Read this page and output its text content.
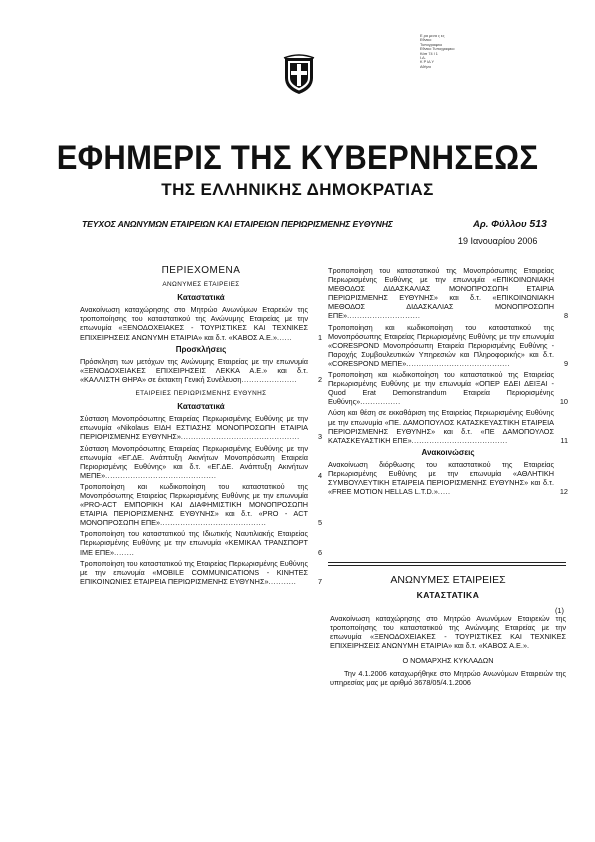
Ε ρα μενα ς ες
Εθνικο
Τυπογραφειο
Εθνικο Τυπογραφειο
Κάπ 74 Ι 1
Ι.Δ.
Κ Ρ ΙΔ Υ
Αθήνα
ΕΦΗΜΕΡΙΣ ΤΗΣ ΚΥΒΕΡΝΗΣΕΩΣ
ΤΗΣ ΕΛΛΗΝΙΚΗΣ ΔΗΜΟΚΡΑΤΙΑΣ
ΤΕΥΧΟΣ ΑΝΩΝΥΜΩΝ ΕΤΑΙΡΕΙΩΝ ΚΑΙ ΕΤΑΙΡΕΙΩΝ ΠΕΡΙΩΡΙΣΜΕΝΗΣ ΕΥΘΥΝΗΣ	Αρ. Φύλλου 513
19 Ιανουαρίου 2006
ΠΕΡΙΕΧΟΜΕΝΑ
ΑΝΩΝΥΜΕΣ ΕΤΑΙΡΕΙΕΣ
Καταστατικά
Ανακοίνωση καταχώρησης στο Μητρώο Ανωνύμων Εταρειών της τροποποίησης του καταστατικού της Ανώνυμης Εταιρείας με την επωνυμία «ΞΕΝΟΔΟΧΕΙΑΚΕΣ - ΤΟΥΡΙΣΤΙΚΕΣ ΚΑΙ ΤΕΧΝΙΚΕΣ ΕΠΙΧΕΙΡΗΣΕΙΣ ΑΝΩΝΥΜΗ ΕΤΑΙΡΙΑ» και δ.τ. «ΚΑΒΟΣ Α.Ε.»......	1
Προσκλήσεις
Πρόσκληση των μετόχων της Ανώνυμης Εταιρείας με την επωνυμία «ΞΕΝΟΔΟΧΕΙΑΚΕΣ ΕΠΙΧΕΙΡΗΣΕΙΣ ΛΕΚΚΑ Α.Ε.» και δ.τ. «ΚΑΛΛΙΣΤΗ ΘΗΡΑ» σε έκτακτη Γενική Συνέλευση......................	2
ΕΤΑΙΡΕΙΕΣ ΠΕΡΙΩΡΙΣΜΕΝΗΣ ΕΥΘΥΝΗΣ
Καταστατικά
Σύσταση Μονοπρόσωπης Εταιρείας Περιωρισμένης Ευθύνης με την επωνυμία «Nikolaus ΕΙΔΗ ΕΣΤΙΑΣΗΣ ΜΟΝΟΠΡΟΣΩΠΗ ΕΤΑΙΡΙΑ ΠΕΡΙΟΡΙΣΜΕΝΗΣ ΕΥΘΥΝΗΣ»...............................................	3
Σύσταση Μονοπρόσωπης Εταιρείας Περιωρισμένης Ευθύνης με την επωνυμία «ΕΓ.ΔΕ. Ανάπτυξη Ακινήτων Μονοπρόσωπη Εταιρεία Περιορισμένης Ευθύνης» και δ.τ. «ΕΓ.ΔΕ. Ανάπτυξη Ακινήτων ΜΕΠΕ»............................................	4
Τροποποίηση και κωδικοποίηση του καταστατικού της Μονοπρόσωπης Εταιρείας Περιωρισμένης Ευθύνης με την επωνυμία «PRO-ACT ΕΜΠΟΡΙΚΗ ΚΑΙ ΔΙΑΦΗΜΙΣΤΙΚΗ ΜΟΝΟΠΡΟΣΩΠΗ ΕΤΑΙΡΙΑ ΠΕΡΙΟΡΙΣΜΕΝΗΣ ΕΥΘΥΝΗΣ» και δ.τ. «PRO - ACT ΜΟΝΟΠΡΟΣΩΠΗ ΕΠΕ»..........................................	5
Τροποποίηση του καταστατικού της Ιδιωτικής Ναυτιλιακής Εταιρείας Περιωρισμένης Ευθύνης με την επωνυμία «ΚΕΜΙΚΑΛ ΤΡΑΝΣΠΟΡΤ ΙΜΕ ΕΠΕ»........	6
Τροποποίηση του καταστατικού της Εταιρείας Περιωρισμένης Ευθύνης με την επωνυμία «MOBILE COMMUNICATIONS - ΚΙΝΗΤΕΣ ΕΠΙΚΟΙΝΩΝΙΕΣ ΕΤΑΙΡΕΙΑ ΠΕΡΙΩΡΙΣΜΕΝΗΣ ΕΥΘΥΝΗΣ»...........	7
Τροποποίηση του καταστατικού της Μονοπρόσωπης Εταιρείας Περιωρισμένης Ευθύνης με την επωνυμία «ΕΠΙΚΟΙΝΩΝΙΑΚΗ ΜΕΘΟΔΟΣ ΔΙΔΑΣΚΑΛΙΑΣ ΜΟΝΟΠΡΟΣΩΠΗ ΕΤΑΙΡΙΑ ΠΕΡΙΩΡΙΣΜΕΝΗΣ ΕΥΘΥΝΗΣ» και δ.τ. «ΕΠΙΚΟΙΝΩΝΙΑΚΗ ΜΕΘΟΔΟΣ ΔΙΔΑΣΚΑΛΙΑΣ ΜΟΝΟΠΡΟΣΩΠΗ ΕΠΕ».............................	8
Τροποποίηση και κωδικοποίηση του καταστατικού της Μονοπρόσωπης Εταιρείας Περιωρισμένης Ευθύνης με την επωνυμία «CORESPOND Μονοπρόσωπη Εταιρεία Περιορισμένης Ευθύνης - Παροχής Συμβουλευτικών Υπηρεσιών και Πληροφορικής» και δ.τ. «CORESPOND ΜΕΠΕ».........................................	9
Τροποποίηση και κωδικοποίηση του καταστατικού της Εταιρείας Περιωρισμένης Ευθύνης με την επωνυμία «ΟΠΕΡ ΕΔΕΙ ΔΕΙΞΑΙ - Quod Erat Demonstrandum Εταιρεία Περιορισμένης Ευθύνης»................	10
Λύση και θέση σε εκκαθάριση της Εταιρείας Περιωρισμένης Ευθύνης με την επωνυμία «ΠΕ. ΔΑΜΟΠΟΥΛΟΣ ΚΑΤΑΣΚΕΥΑΣΤΙΚΗ ΕΤΑΙΡΕΙΑ ΠΕΡΙΟΡΙΣΜΕΝΗΣ ΕΥΘΥΝΗΣ» και δ.τ. «ΠΕ ΔΑΜΟΠΟΥΛΟΣ ΚΑΤΑΣΚΕΥΑΣΤΙΚΗ ΕΠΕ»......................................	11
Ανακοινώσεις
Ανακοίνωση διόρθωσης του καταστατικού της Εταιρείας Περιωρισμένης Ευθύνης με την επωνυμία «ΑΘΛΗΤΙΚΗ ΣΥΜΒΟΥΛΕΥΤΙΚΗ ΕΤΑΙΡΕΙΑ ΠΕΡΙΟΡΙΣΜΕΝΗΣ ΕΥΘΥΝΗΣ» και δ.τ. «FREE MOTION HELLAS L.T.D.».....	12
ΑΝΩΝΥΜΕΣ ΕΤΑΙΡΕΙΕΣ
ΚΑΤΑΣΤΑΤΙΚΑ
(1)
Ανακοίνωση καταχώρησης στο Μητρώο Ανωνύμων Εταιρειών της τροποποίησης του καταστατικού της Ανώνυμης Εταιρείας με την επωνυμία «ΞΕΝΟΔΟΧΕΙΑΚΕΣ - ΤΟΥΡΙΣΤΙΚΕΣ ΚΑΙ ΤΕΧΝΙΚΕΣ ΕΠΙΧΕΙΡΗΣΕΙΣ ΑΝΩΝΥΜΗ ΕΤΑΙΡΙΑ» και δ.τ. «ΚΑΒΟΣ Α.Ε.».
Ο ΝΟΜΑΡΧΗΣ ΚΥΚΛΑΔΩΝ
Την 4.1.2006 καταχωρήθηκε στο Μητρώο Ανωνύμων Εταιρειών της υπηρεσίας μας με αριθμό 3678/05/4.1.2006
